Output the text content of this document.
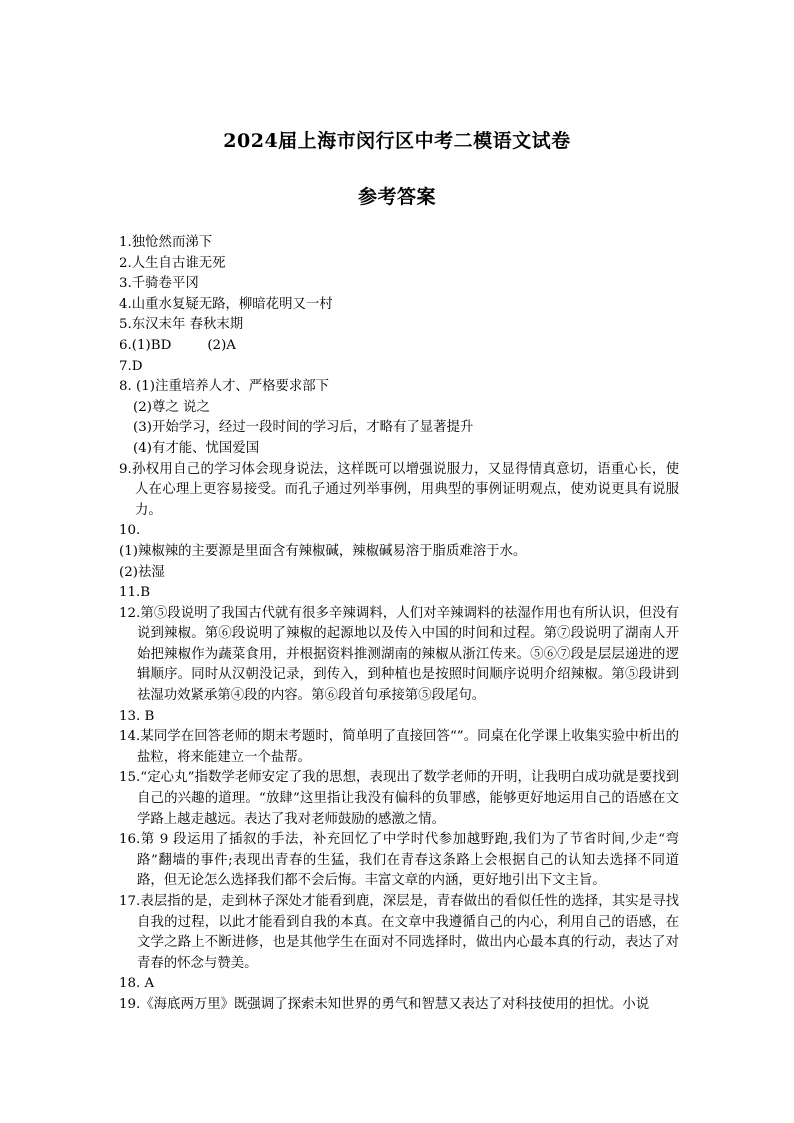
2024届上海市闵行区中考二模语文试卷
参考答案
1.独怆然而涕下
2.人生自古谁无死
3.千骑卷平冈
4.山重水复疑无路，柳暗花明又一村
5.东汉末年 春秋末期
6.(1)BD	(2)A
7.D
8. (1)注重培养人才、严格要求部下
(2)尊之 说之
(3)开始学习，经过一段时间的学习后，才略有了显著提升
(4)有才能、忧国爱国
9.孙权用自己的学习体会现身说法，这样既可以增强说服力，又显得情真意切，语重心长，使人在心理上更容易接受。而孔子通过列举事例，用典型的事例证明观点，使劝说更具有说服力。
10.
(1)辣椒辣的主要源是里面含有辣椒碱，辣椒碱易溶于脂质难溶于水。
(2)祛湿
11.B
12.第⑤段说明了我国古代就有很多辛辣调料，人们对辛辣调料的祛湿作用也有所认识，但没有说到辣椒。第⑥段说明了辣椒的起源地以及传入中国的时间和过程。第⑦段说明了湖南人开始把辣椒作为蔬菜食用，并根据资料推测湖南的辣椒从浙江传来。⑤⑥⑦段是层层递进的逻辑顺序。同时从汉朝没记录，到传入，到种植也是按照时间顺序说明介绍辣椒。第⑤段讲到祛湿功效紧承第④段的内容。第⑥段首句承接第⑤段尾句。
13. B
14.某同学在回答老师的期末考题时，简单明了直接回答“”。同桌在化学课上收集实验中析出的盐粒，将来能建立一个盐帮。
15.“定心丸”指数学老师安定了我的思想，表现出了数学老师的开明，让我明白成功就是要找到自己的兴趣的道理。“放肆”这里指让我没有偏科的负罪感，能够更好地运用自己的语感在文学路上越走越远。表达了我对老师鼓励的感激之情。
16.第 9 段运用了插叙的手法，补充回忆了中学时代参加越野跑,我们为了节省时间,少走“弯路”翻墙的事件;表现出青春的生猛，我们在青春这条路上会根据自己的认知去选择不同道路，但无论怎么选择我们都不会后悔。丰富文章的内涵，更好地引出下文主旨。
17.表层指的是，走到林子深处才能看到鹿，深层是，青春做出的看似任性的选择，其实是寻找自我的过程，以此才能看到自我的本真。在文章中我遵循自己的内心，利用自己的语感，在文学之路上不断进修，也是其他学生在面对不同选择时，做出内心最本真的行动，表达了对青春的怀念与赞美。
18. A
19.《海底两万里》既强调了探索未知世界的勇气和智慧又表达了对科技使用的担忧。小说
